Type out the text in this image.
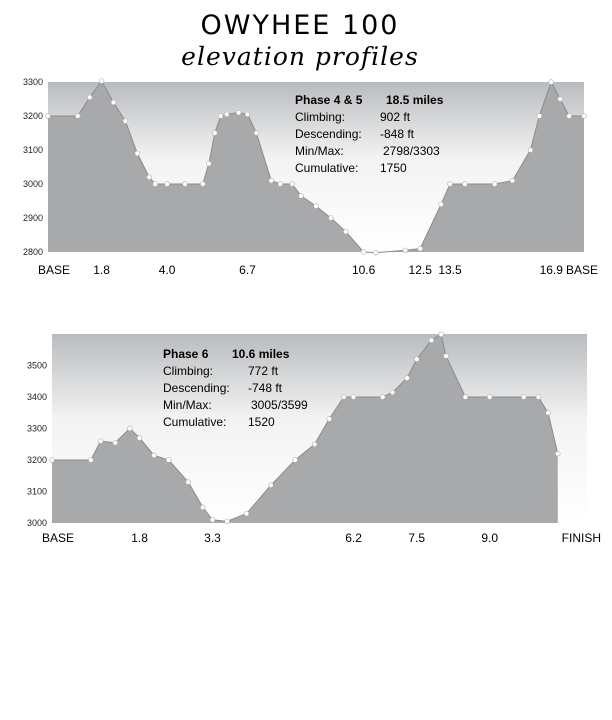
OWYHEE 100
elevation profiles
2800
2900
3000
3100
3200
3300
BASE 1.8	4.0	6.7	10.6	12.5 13.5	16.9 BASE
Phase 4 & 5 18.5 miles
Climbing:	902 ft
Descending: -848 ft
Min/Max:	2798/3303
Cumulative: 1750
3000
3100
3200
3300
3400
3500
BASE	1.8	3.3	6.2	7.5	9.0	FINISH
Phase 6 10.6 miles
Climbing:	772 ft
Descending: -748 ft
Min/Max:	3005/3599
Cumulative: 1520
